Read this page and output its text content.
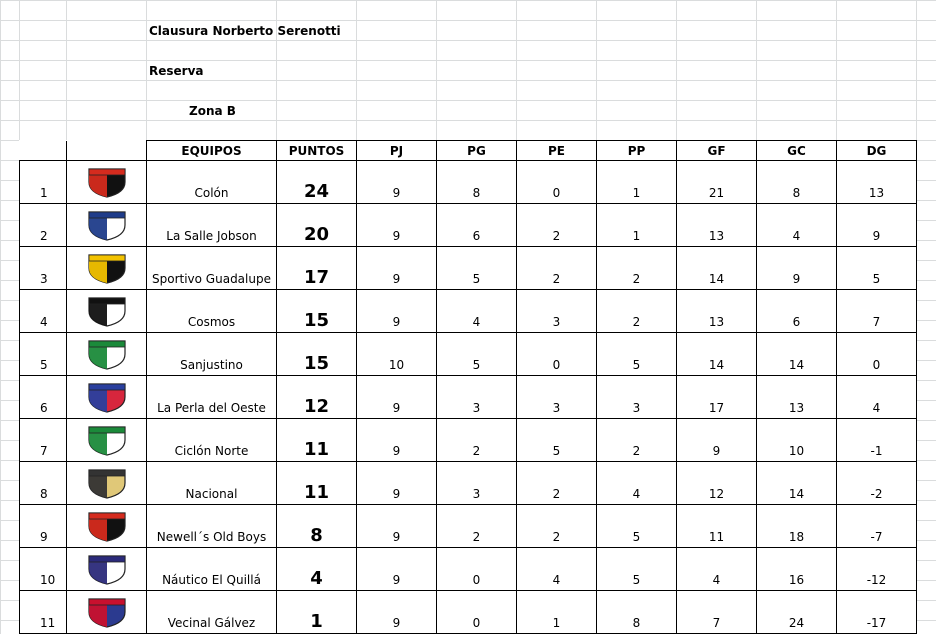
Clausura Norberto Serenotti
Reserva
Zona B
		EQUIPOS	PUNTOS	PJ	PG	PE	PP	GF	GC	DG
1		Colón	24	9	8	0	1	21	8	13
2		La Salle Jobson	20	9	6	2	1	13	4	9
3		Sportivo Guadalupe	17	9	5	2	2	14	9	5
4		Cosmos	15	9	4	3	2	13	6	7
5		Sanjustino	15	10	5	0	5	14	14	0
6		La Perla del Oeste	12	9	3	3	3	17	13	4
7		Ciclón Norte	11	9	2	5	2	9	10	-1
8		Nacional	11	9	3	2	4	12	14	-2
9		Newell´s Old Boys	8	9	2	2	5	11	18	-7
10		Náutico El Quillá	4	9	0	4	5	4	16	-12
11		Vecinal Gálvez	1	9	0	1	8	7	24	-17
